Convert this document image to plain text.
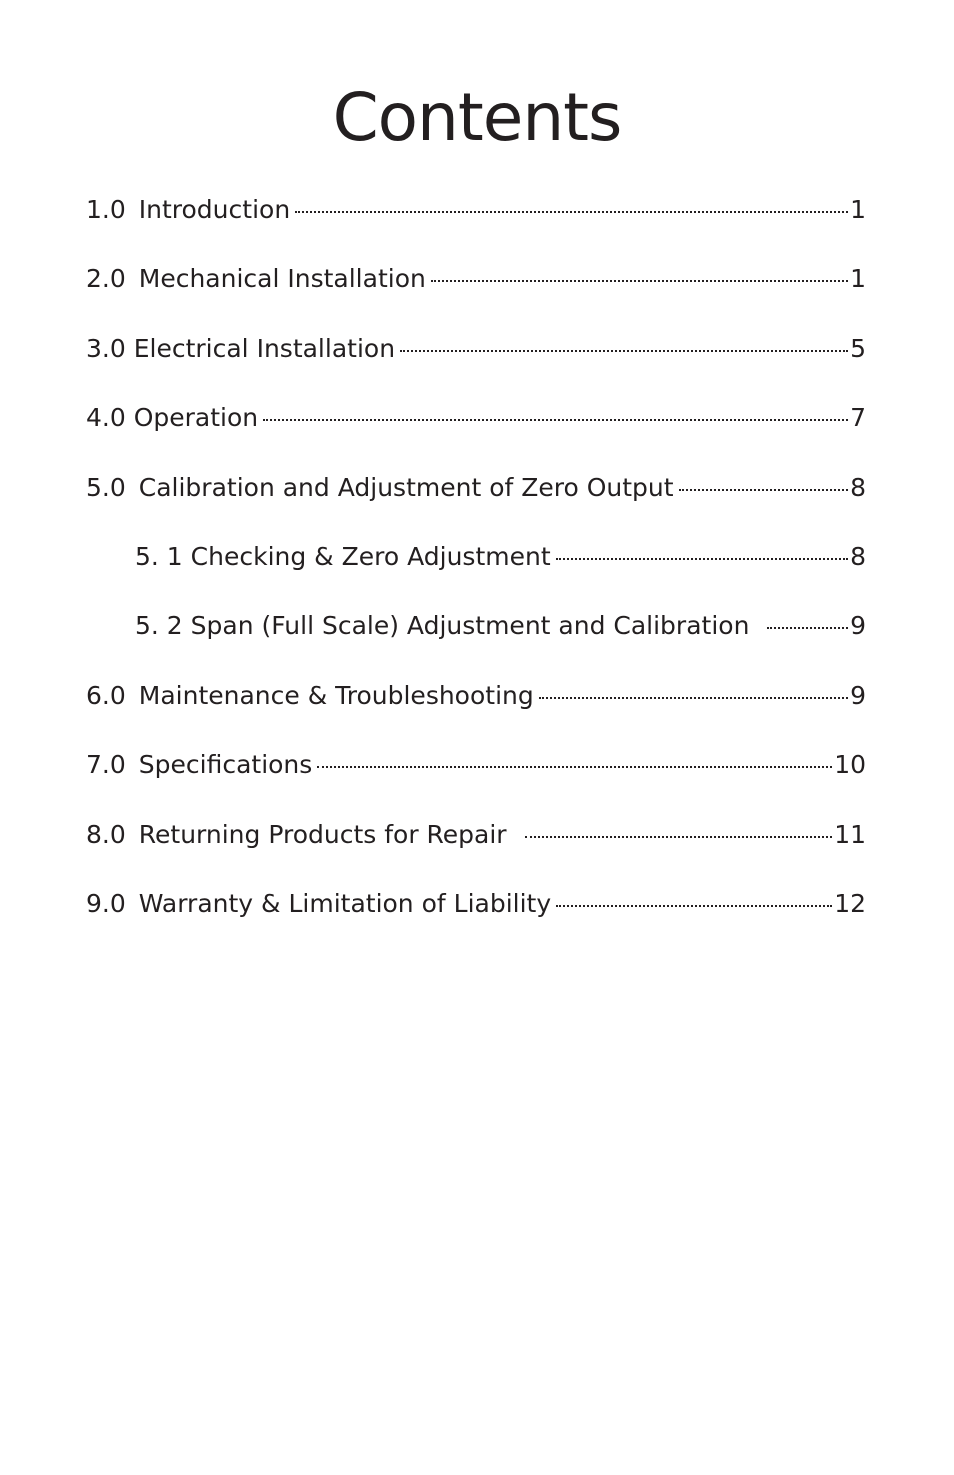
Contents
1.0 Introduction	1
2.0 Mechanical Installation	1
3.0 Electrical Installation	5
4.0 Operation	7
5.0 Calibration and Adjustment of Zero Output	8
5. 1 Checking & Zero Adjustment	8
5. 2 Span (Full Scale) Adjustment and Calibration	9
6.0 Maintenance & Troubleshooting	9
7.0 Specifications	10
8.0 Returning Products for Repair	11
9.0 Warranty & Limitation of Liability	12
